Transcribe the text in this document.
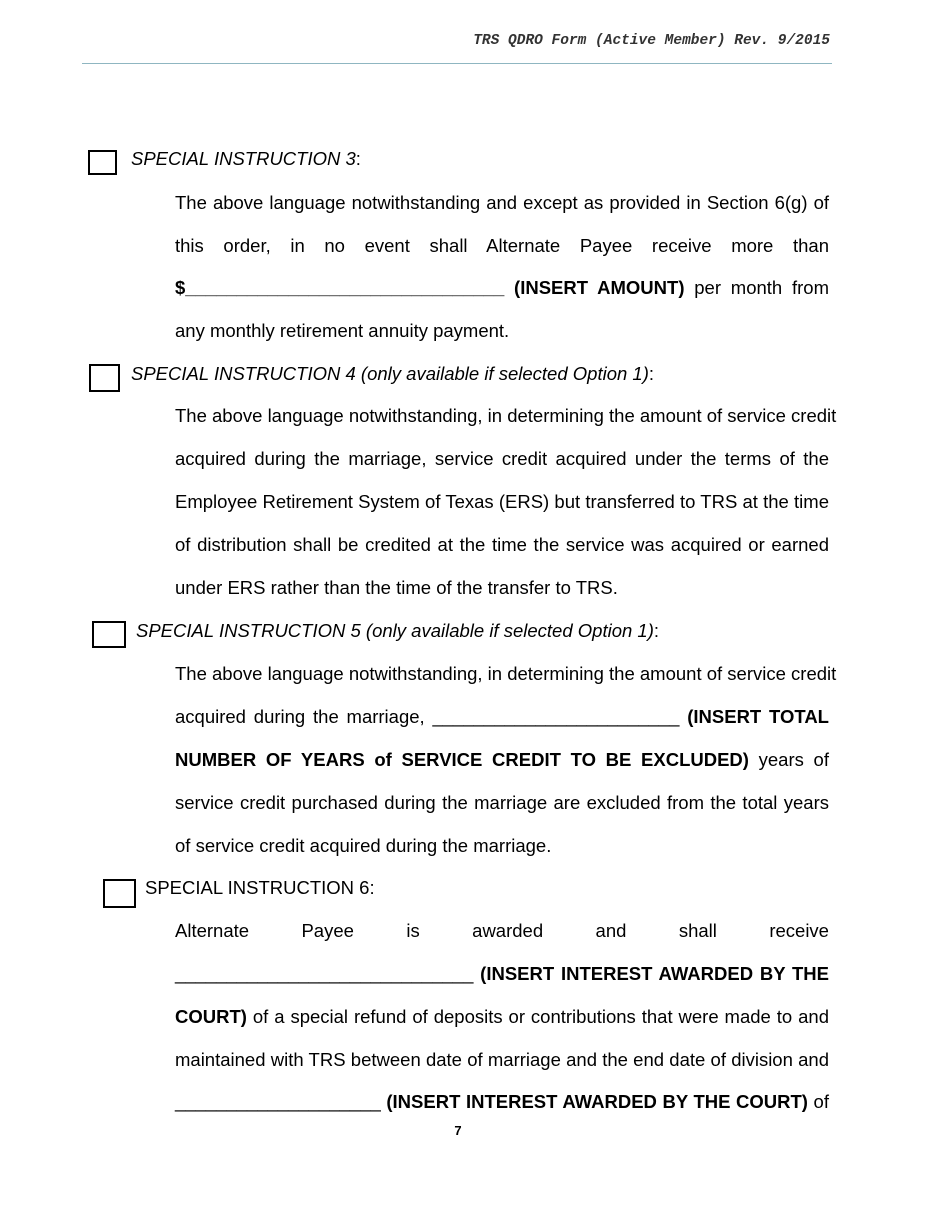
TRS QDRO Form (Active Member) Rev. 9/2015
SPECIAL INSTRUCTION 3:
The above language notwithstanding and except as provided in Section 6(g) of
this order, in no event shall Alternate Payee receive more than
$_______________________________ (INSERT AMOUNT) per month from
any monthly retirement annuity payment.
SPECIAL INSTRUCTION 4 (only available if selected Option 1):
The above language notwithstanding, in determining the amount of service credit
acquired during the marriage, service credit acquired under the terms of the
Employee Retirement System of Texas (ERS) but transferred to TRS at the time
of distribution shall be credited at the time the service was acquired or earned
under ERS rather than the time of the transfer to TRS.
SPECIAL INSTRUCTION 5 (only available if selected Option 1):
The above language notwithstanding, in determining the amount of service credit
acquired during the marriage, ________________________ (INSERT TOTAL
NUMBER OF YEARS of SERVICE CREDIT TO BE EXCLUDED) years of
service credit purchased during the marriage are excluded from the total years
of service credit acquired during the marriage.
SPECIAL INSTRUCTION 6:
Alternate	Payee	is	awarded	and	shall	receive
_____________________________ (INSERT INTEREST AWARDED BY THE
COURT) of a special refund of deposits or contributions that were made to and
maintained with TRS between date of marriage and the end date of division and
____________________ (INSERT INTEREST AWARDED BY THE COURT) of
7
